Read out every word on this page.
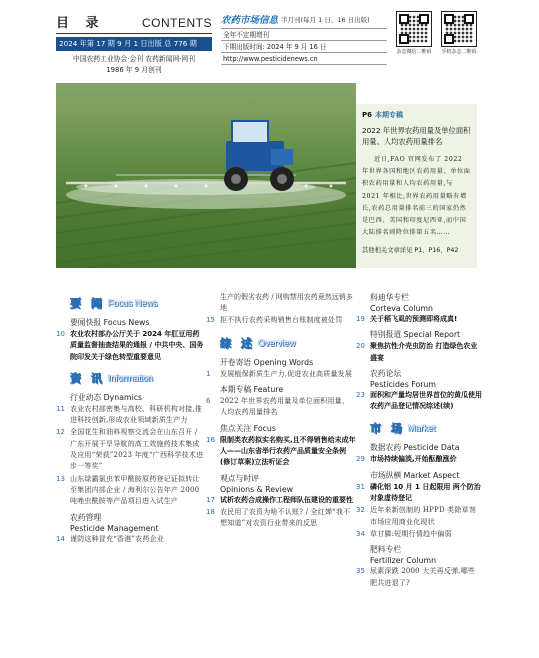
目 录	CONTENTS
2024 年第 17 期 9 月 1 日出版 总 776 期
中国农药工业协会·会刊 农药新闻网·网刊
1986 年 9 月创刊
农药市场信息 半月刊(每月 1 日、16 日出版)
全年不定期增刊
下期出版时间: 2024 年 9 月 16 日
http://www.pesticidenews.cn
杂志微信二维码 手机杂志二维码
P6 本期专稿
2022 年世界农药用量及单位面积用量、人均农药用量排名
近日,FAO 官网发布了 2022 年世界各国和地区农药用量、单位面积农药用量和人均农药用量,与 2021 年相比,世界农药用量略有增长,农药总用量排名前三的国家仍然是巴西、美国和印度尼西亚,而中国大陆排名则降位排第五名……
其他相关文章详见 P1、P16、P42
要 闻 Focus News
要闻快报 Focus News
10 农业农村部办公厅关于 2024 年肛豆用药质量监督抽查结果的通报 / 中共中央、国务院印发关于绿色转型重要意见
资 讯 Information
行业动态 Dynamics
11 农业农村部密集与高校、科研机构对接,推进科技创新,形成农业领域新质生产力
12 全国花生和油料视察交流会在山东召开 / 广东开展干旱导航的高工效施药技术集成及应用“荣获”2023 年度“广西科学技术进步一等奖”
13 山东绿霸氯虫苯甲酰胺原药登记证拟转让至集团内部企业 / 海利尔公告年产 2000 吨唑虫酰胺等产品项目进入试生产
农药管理
Pesticide Management
14 谨防这种冒充“香港”农药企业
生产的假劣农药 / 网购禁用农药竟然远销多地
15 拒不执行农药采购销售台账制度被处罚
综 述 Overview
开卷寄语 Opening Words
1	发展植保新质生产力,促进农业高质量发展
本期专稿 Feature
6	2022 年世界农药用量及单位面积用量、人均农药用量排名
焦点关注 Focus
16 限制类农药拟实名购买,且不得销售给未成年人——山东省举行农药产品质量安全条例(修订草案)立法听证会
观点与时评
Opinions & Review
17 试析农药合成操作工程师队伍建设的重要性
18 农民用了农资为啥不认账? / 全红婵“我不想知道”对农资行业带来的反思
科迪华专栏
Corteva Column
19 关于稻飞虱的预测即将成真!
特别报道 Special Report
20 聚焦抗性介壳虫防治 打造绿色农业盛宴
农药论坛
Pesticides Forum
23 面积和产量均居世界首位的黄瓜使用农药产品登记情况综述(续)
市 场 Market
数据农药 Pesticide Data
29 市场持续偏淡,开始酝酿涨价
市场纵横 Market Aspect
31 磷化铝 10 月 1 日起限用 两个防治对象虚待登记
32 近年来新创制的 HPPD 类除草剂市场应用商业化现状
34 草甘膦:短期行情趋中偏弱
肥料专栏
Fertilizer Column
35 尿素深跌 2000 大关再反弹,哪些肥共进退了?
